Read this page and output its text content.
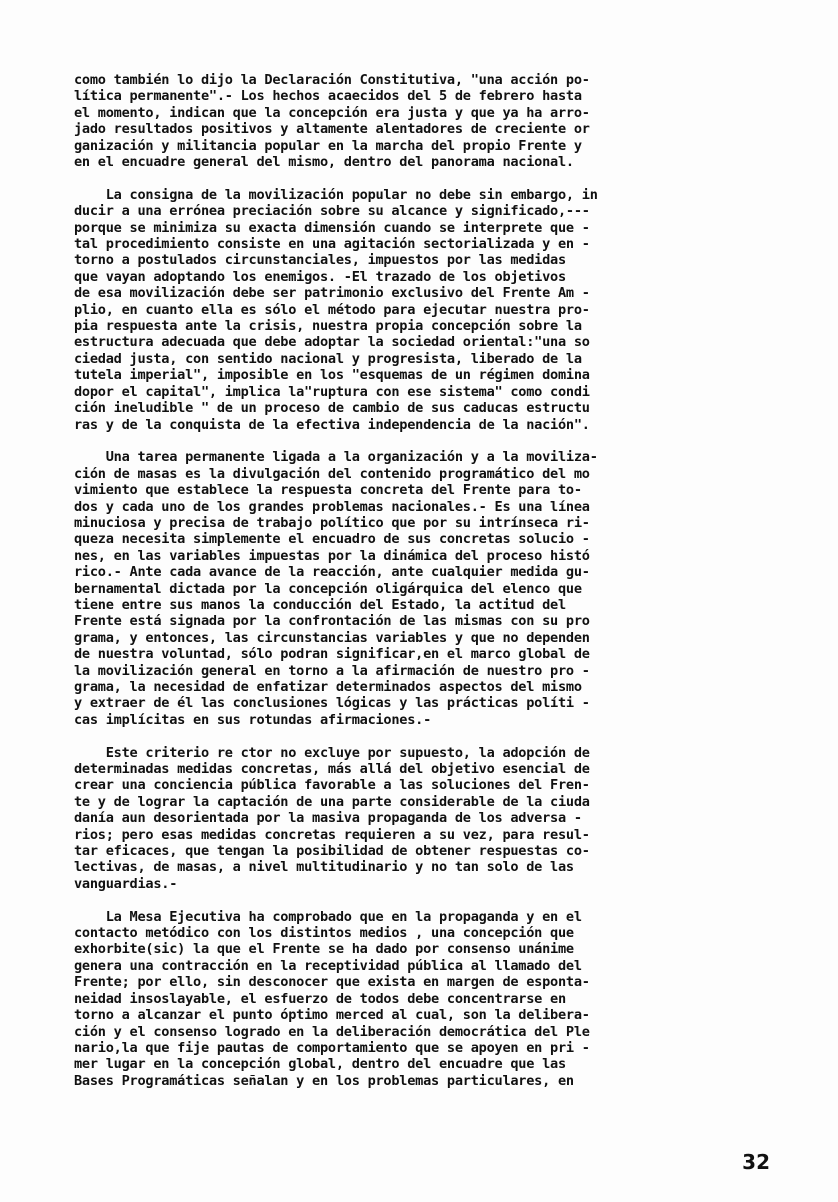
como también lo dijo la Declaración Constitutiva, "una acción po-
lítica permanente".- Los hechos acaecidos del 5 de febrero hasta
el momento, indican que la concepción era justa y que ya ha arro-
jado resultados positivos y altamente alentadores de creciente or
ganización y militancia popular en la marcha del propio Frente y
en el encuadre general del mismo, dentro del panorama nacional.
La consigna de la movilización popular no debe sin embargo, in
ducir a una errónea preciación sobre su alcance y significado,---
porque se minimiza su exacta dimensión cuando se interprete que -
tal procedimiento consiste en una agitación sectorializada y en -
torno a postulados circunstanciales, impuestos por las medidas
que vayan adoptando los enemigos. -El trazado de los objetivos
de esa movilización debe ser patrimonio exclusivo del Frente Am -
plio, en cuanto ella es sólo el método para ejecutar nuestra pro-
pia respuesta ante la crisis, nuestra propia concepción sobre la
estructura adecuada que debe adoptar la sociedad oriental:"una so
ciedad justa, con sentido nacional y progresista, liberado de la
tutela imperial", imposible en los "esquemas de un régimen domina
dopor el capital", implica la"ruptura con ese sistema" como condi
ción ineludible " de un proceso de cambio de sus caducas estructu
ras y de la conquista de la efectiva independencia de la nación".
Una tarea permanente ligada a la organización y a la moviliza-
ción de masas es la divulgación del contenido programático del mo
vimiento que establece la respuesta concreta del Frente para to-
dos y cada uno de los grandes problemas nacionales.- Es una línea
minuciosa y precisa de trabajo político que por su intrínseca ri-
queza necesita simplemente el encuadro de sus concretas solucio -
nes, en las variables impuestas por la dinámica del proceso histó
rico.- Ante cada avance de la reacción, ante cualquier medida gu-
bernamental dictada por la concepción oligárquica del elenco que
tiene entre sus manos la conducción del Estado, la actitud del
Frente está signada por la confrontación de las mismas con su pro
grama, y entonces, las circunstancias variables y que no dependen
de nuestra voluntad, sólo podran significar,en el marco global de
la movilización general en torno a la afirmación de nuestro pro -
grama, la necesidad de enfatizar determinados aspectos del mismo
y extraer de él las conclusiones lógicas y las prácticas políti -
cas implícitas en sus rotundas afirmaciones.-
Este criterio re ctor no excluye por supuesto, la adopción de
determinadas medidas concretas, más allá del objetivo esencial de
crear una conciencia pública favorable a las soluciones del Fren-
te y de lograr la captación de una parte considerable de la ciuda
danía aun desorientada por la masiva propaganda de los adversa -
rios; pero esas medidas concretas requieren a su vez, para resul-
tar eficaces, que tengan la posibilidad de obtener respuestas co-
lectivas, de masas, a nivel multitudinario y no tan solo de las
vanguardias.-
La Mesa Ejecutiva ha comprobado que en la propaganda y en el
contacto metódico con los distintos medios , una concepción que
exhorbite(sic) la que el Frente se ha dado por consenso unánime
genera una contracción en la receptividad pública al llamado del
Frente; por ello, sin desconocer que exista en margen de esponta-
neidad insoslayable, el esfuerzo de todos debe concentrarse en
torno a alcanzar el punto óptimo merced al cual, son la delibera-
ción y el consenso logrado en la deliberación democrática del Ple
nario,la que fije pautas de comportamiento que se apoyen en pri -
mer lugar en la concepción global, dentro del encuadre que las
Bases Programáticas señalan y en los problemas particulares, en
32
